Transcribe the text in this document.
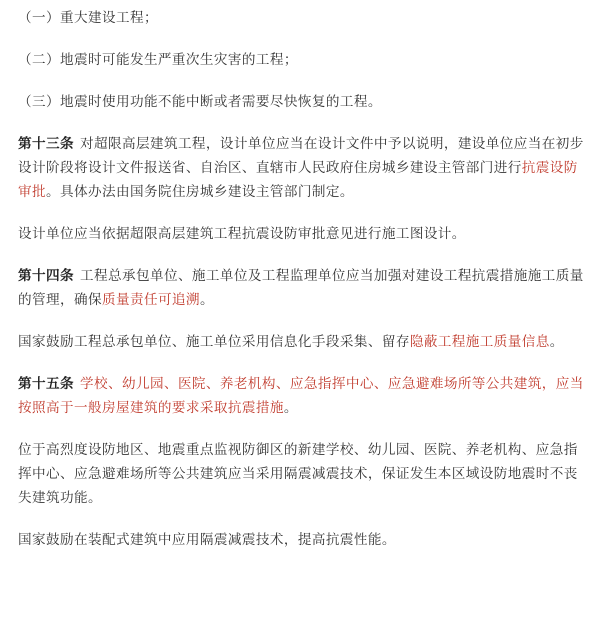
（一）重大建设工程；

（二）地震时可能发生严重次生灾害的工程；

（三）地震时使用功能不能中断或者需要尽快恢复的工程。

第十三条 对超限高层建筑工程，设计单位应当在设计文件中予以说明，建设单位应当在初步设计阶段将设计文件报送省、自治区、直辖市人民政府住房城乡建设主管部门进行抗震设防审批。具体办法由国务院住房城乡建设主管部门制定。

设计单位应当依据超限高层建筑工程抗震设防审批意见进行施工图设计。

第十四条 工程总承包单位、施工单位及工程监理单位应当加强对建设工程抗震措施施工质量的管理，确保质量责任可追溯。

国家鼓励工程总承包单位、施工单位采用信息化手段采集、留存隐蔽工程施工质量信息。

第十五条 学校、幼儿园、医院、养老机构、应急指挥中心、应急避难场所等公共建筑，应当按照高于一般房屋建筑的要求采取抗震措施。

位于高烈度设防地区、地震重点监视防御区的新建学校、幼儿园、医院、养老机构、应急指挥中心、应急避难场所等公共建筑应当采用隔震减震技术，保证发生本区域设防地震时不丧失建筑功能。

国家鼓励在装配式建筑中应用隔震减震技术，提高抗震性能。
